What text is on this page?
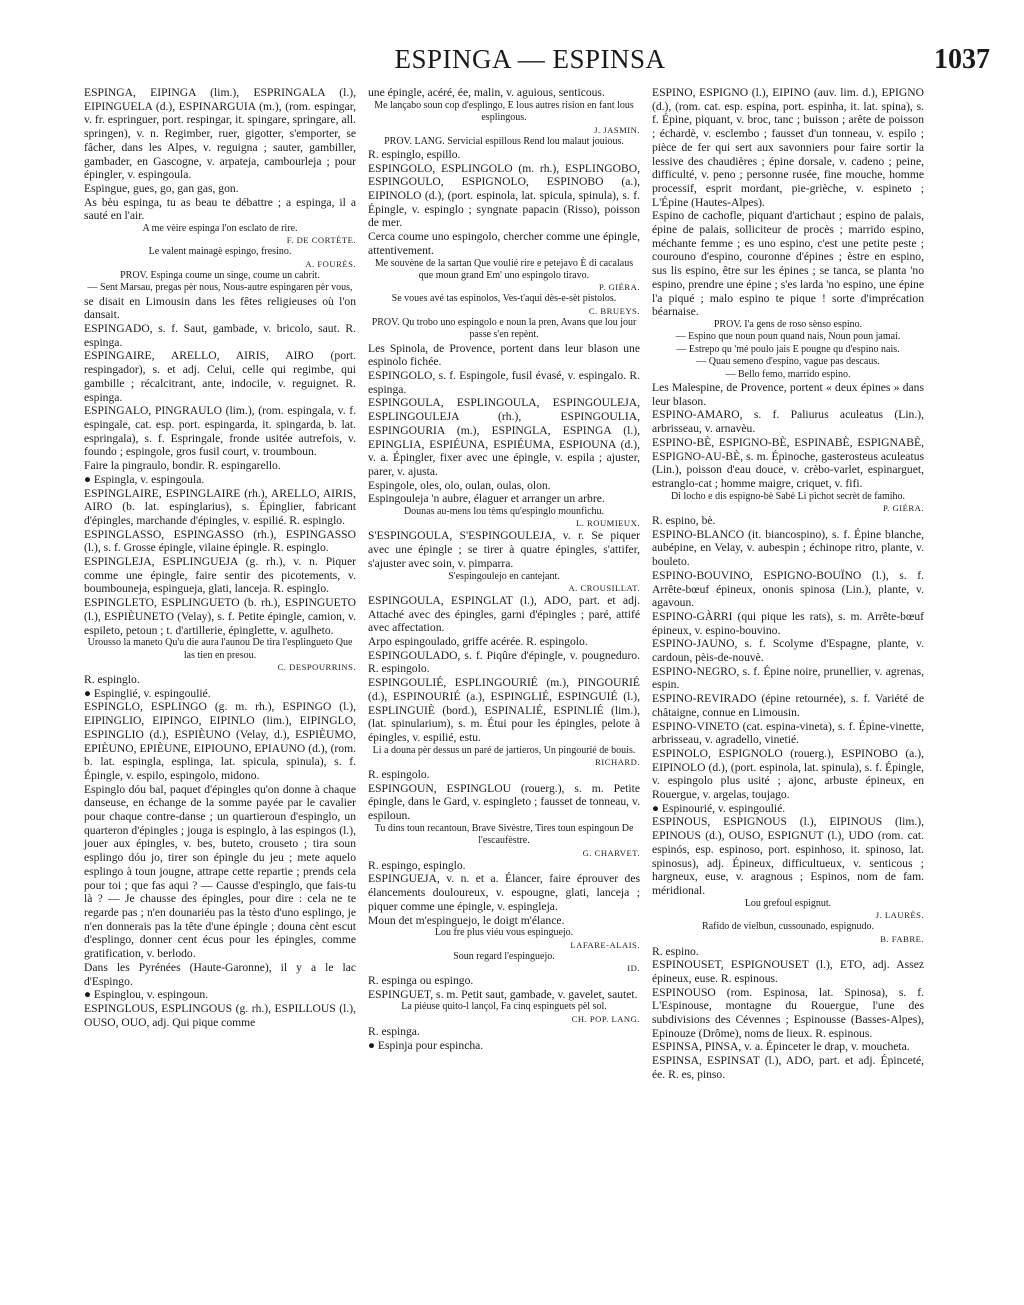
ESPINGA — ESPINSA	1037

ESPINGA, EIPINGA (lim.), ESPRINGALA (l.), EIPINGUELA (d.), ESPINARGUIA (m.), (rom. espingar, v. fr. espringuer, port. respingar, it. spingare, springare, all. springen), v. n. Regimber, ruer, gigotter, s'emporter, se fâcher, dans les Alpes, v. reguigna ; sauter, gambiller, gambader, en Gascogne, v. arpateja, cambourleja ; pour épingler, v. espingoula.

Espingue, gues, go, gan gas, gon.

As bèu espinga, tu as beau te débattre ; a espinga, il a sauté en l'air.

A me vèire espinga l'on esclato de rire.

F. DE CORTÈTE.

Le valent mainagè espingo, fresino.

A. FOURÈS.

PROV. Espinga coume un singe, coume un cabrit.

— Sent Marsau, pregas pèr nous, Nous-autre espingaren pèr vous,

se disait en Limousin dans les fêtes religieuses où l'on dansait.

ESPINGADO, s. f. Saut, gambade, v. bricolo, saut. R. espinga.

ESPINGAIRE, ARELLO, AIRIS, AIRO (port. respingador), s. et adj. Celui, celle qui regimbe, qui gambille ; récalcitrant, ante, indocile, v. reguignet. R. espinga.

ESPINGALO, PINGRAULO (lim.), (rom. espingala, v. f. espingale, cat. esp. port. espingarda, it. spingarda, b. lat. espringala), s. f. Espringale, fronde usitée autrefois, v. foundo ; espingole, gros fusil court, v. troumboun.

Faire la pingraulo, bondir. R. espingarello.

● Espingla, v. espingoula.

ESPINGLAIRE, ESPINGLAIRE (rh.), ARELLO, AIRIS, AIRO (b. lat. espinglarius), s. Épinglier, fabricant d'épingles, marchande d'épingles, v. espilié. R. espinglo.

ESPINGLASSO, ESPINGASSO (rh.), ESPINGASSO (l.), s. f. Grosse épingle, vilaine épingle. R. espinglo.

ESPINGLEJA, ESPLINGUEJA (g. rh.), v. n. Piquer comme une épingle, faire sentir des picotements, v. boumbouneja, espingueja, glati, lanceja. R. espinglo.

ESPINGLETO, ESPLINGUETO (b. rh.), ESPINGUETO (l.), ESPIÈUNETO (Velay), s. f. Petite épingle, camion, v. espileto, petoun ; t. d'artillerie, épinglette, v. agulheto.

Urousso la maneto Qu'u die aura l'aunou De tira l'esplingueto Que las tien en presou.

C. DESPOURRINS.

R. espinglo.

● Espinglié, v. espingoulié.

ESPINGLO, ESPLINGO (g. m. rh.), ESPINGO (l.), EIPINGLIO, EIPINGO, EIPINLO (lim.), EIPINGLO, ESPINGLIO (d.), ESPIÈUNO (Velay, d.), ESPIÈUMO, EPIÈUNO, EPIÈUNE, EIPIOUNO, EPIAUNO (d.), (rom. b. lat. espingla, esplinga, lat. spicula, spinula), s. f. Épingle, v. espilo, espingolo, midono.

Espinglo dóu bal, paquet d'épingles qu'on donne à chaque danseuse, en échange de la somme payée par le cavalier pour chaque contre-danse ; un quartieroun d'espinglo, un quarteron d'épingles ; jouga is espinglo, à las espingos (l.), jouer aux épingles, v. bes, buteto, crouseto ; tira soun esplingo dóu jo, tirer son épingle du jeu ; mete aquelo esplingo à toun jougne, attrape cette repartie ; prends cela pour toi ; que fas aqui ? — Causse d'espinglo, que fais-tu là ? — Je chausse des épingles, pour dire : cela ne te regarde pas ; n'en dounariéu pas la tèsto d'uno esplingo, je n'en donnerais pas la tête d'une épingle ; douna cènt escut d'esplingo, donner cent écus pour les épingles, comme gratification, v. berlodo.

Dans les Pyrénées (Haute-Garonne), il y a le lac d'Espingo.

● Espinglou, v. espingoun.

ESPINGLOUS, ESPLINGOUS (g. rh.), ESPILLOUS (l.), OUSO, OUO, adj. Qui pique comme

une épingle, acéré, ée, malin, v. aguious, senticous.

Me lançabo soun cop d'esplingo, E lous autres rision en fant lous esplingous.

J. JASMIN.

PROV. LANG. Servicial espillous Rend lou malaut jouious.

R. espinglo, espillo.

ESPINGOLO, ESPLINGOLO (m. rh.), ESPLINGOBO, ESPINGOULO, ESPIGNOLO, ESPINOBO (a.), EIPINOLO (d.), (port. espinola, lat. spicula, spinula), s. f. Épingle, v. espinglo ; syngnate papacin (Risso), poisson de mer.

Cerca coume uno espingolo, chercher comme une épingle, attentivement.

Me souvène de la sartan Que voulié rire e petejavo È di cacalaus que moun grand Em' uno espingolo tiravo.

P. GIÉRA.

Se voues avé tas espinolos, Ves-t'aqui dès-e-sèt pistolos.

C. BRUEYS.

PROV. Qu trobo uno espingolo e noun la pren, Avans que lou jour passe s'en repènt.

Les Spinola, de Provence, portent dans leur blason une espinolo fichée.

ESPINGOLO, s. f. Espingole, fusil évasé, v. espingalo. R. espinga.

ESPINGOULA, ESPLINGOULA, ESPINGOULEJA, ESPLINGOULEJA (rh.), ESPINGOULIA, ESPINGOURIA (m.), ESPINGLA, ESPINGA (l.), EPINGLIA, ESPIÉUNA, ESPIÉUMA, ESPIOUNA (d.), v. a. Épingler, fixer avec une épingle, v. espila ; ajuster, parer, v. ajusta.

Espingole, oles, olo, oulan, oulas, olon.

Espingouleja 'n aubre, élaguer et arranger un arbre.

Dounas au-mens lou tèms qu'espinglo mounfichu.

L. ROUMIEUX.

S'ESPINGOULA, S'ESPINGOULEJA, v. r. Se piquer avec une épingle ; se tirer à quatre épingles, s'attifer, s'ajuster avec soin, v. pimparra.

S'espingoulejo en cantejant.

A. CROUSILLAT.

ESPINGOULA, ESPINGLAT (l.), ADO, part. et adj. Attaché avec des épingles, garni d'épingles ; paré, attifé avec affectation.

Arpo espingoulado, griffe acérée. R. espingolo.

ESPINGOULADO, s. f. Piqûre d'épingle, v. pougneduro. R. espingolo.

ESPINGOULIÉ, ESPLINGOURIÉ (m.), PINGOURIÉ (d.), ESPINOURIÉ (a.), ESPINGLIÉ, ESPINGUIÉ (l.), ESPLINGUIÈ (bord.), ESPINALIÉ, ESPINLIÉ (lim.), (lat. spinularium), s. m. Étui pour les épingles, pelote à épingles, v. espilié, estu.

Li a douna pèr dessus un paré de jartieros, Un pingourié de bouis.

RICHARD.

R. espingolo.

ESPINGOUN, ESPINGLOU (rouerg.), s. m. Petite épingle, dans le Gard, v. espingleto ; fausset de tonneau, v. espiloun.

Tu dins toun recantoun, Brave Sivèstre, Tires toun espingoun De l'escaufèstre.

G. CHARVET.

R. espingo, espinglo.

ESPINGUEJA, v. n. et a. Élancer, faire éprouver des élancements douloureux, v. espougne, glati, lanceja ; piquer comme une épingle, v. espingleja.

Moun det m'espinguejo, le doigt m'élance.

Lou fre plus viéu vous espinguejo.

LAFARE-ALAIS.

Soun regard l'espinguejo.

ID.

R. espinga ou espingo.

ESPINGUET, s. m. Petit saut, gambade, v. gavelet, sautet.

La piéuse quito-l lançol, Fa cinq espinguets pèl sol.

CH. POP. LANG.

R. espinga.

● Espinja pour espincha.

ESPINO, ESPIGNO (l.), EIPINO (auv. lim. d.), EPIGNO (d.), (rom. cat. esp. espina, port. espinha, it. lat. spina), s. f. Épine, piquant, v. broc, tanc ; buisson ; arête de poisson ; échardè, v. esclembo ; fausset d'un tonneau, v. espilo ; pièce de fer qui sert aux savonniers pour faire sortir la lessive des chaudières ; épine dorsale, v. cadeno ; peine, difficulté, v. peno ; personne rusée, fine mouche, homme processif, esprit mordant, pie-grièche, v. espineto ; L'Épine (Hautes-Alpes).

Espino de cachofle, piquant d'artichaut ; espino de palais, épine de palais, solliciteur de procès ; marrido espino, méchante femme ; es uno espino, c'est une petite peste ; courouno d'espino, couronne d'épines ; èstre en espino, sus lis espino, être sur les épines ; se tanca, se planta 'no espino, prendre une épine ; s'es larda 'no espino, une épine l'a piqué ; malo espino te pique ! sorte d'imprécation béarnaise.

PROV. I'a gens de roso sènso espino.

— Espino que noun poun quand nais, Noun poun jamai.

— Estrepo qu 'mé poulo jais E pougne qu d'espino nais.

— Quau semeno d'espino, vague pas descaus.

— Bello femo, marrido espino.

Les Malespine, de Provence, portent « deux épines » dans leur blason.

ESPINO-AMARO, s. f. Paliurus aculeatus (Lin.), arbrisseau, v. arnavèu.

ESPINO-BÈ, ESPIGNO-BÈ, ESPINABÈ, ESPIGNABÈ, ESPIGNO-AU-BÈ, s. m. Épinoche, gasterosteus aculeatus (Lin.), poisson d'eau douce, v. crèbo-varlet, espinarguet, estranglo-cat ; homme maigre, criquet, v. fifi.

Di locho e dis espigno-bè Sabè Li pichot secrèt de famiho.

P. GIÉRA.

R. espino, bè.

ESPINO-BLANCO (it. biancospino), s. f. Épine blanche, aubépine, en Velay, v. aubespin ; échinope ritro, plante, v. bouleto.

ESPINO-BOUVINO, ESPIGNO-BOUÏNO (l.), s. f. Arrête-bœuf épineux, ononis spinosa (Lin.), plante, v. agavoun.

ESPINO-GÀRRI (qui pique les rats), s. m. Arrête-bœuf épineux, v. espino-bouvino.

ESPINO-JAUNO, s. f. Scolyme d'Espagne, plante, v. cardoun, pèis-de-nouvè.

ESPINO-NEGRO, s. f. Épine noire, prunellier, v. agrenas, espin.

ESPINO-REVIRADO (épine retournée), s. f. Variété de châtaigne, connue en Limousin.

ESPINO-VINETO (cat. espina-vineta), s. f. Épine-vinette, arbrisseau, v. agradello, vinetié.

ESPINOLO, ESPIGNOLO (rouerg.), ESPINOBO (a.), EIPINOLO (d.), (port. espinola, lat. spinula), s. f. Épingle, v. espingolo plus usité ; ajonc, arbuste épineux, en Rouergue, v. argelas, toujago.

● Espinourié, v. espingoulié.

ESPINOUS, ESPIGNOUS (l.), EIPINOUS (lim.), EPINOUS (d.), OUSO, ESPIGNUT (l.), UDO (rom. cat. espinós, esp. espinoso, port. espinhoso, it. spinoso, lat. spinosus), adj. Épineux, difficultueux, v. senticous ; hargneux, euse, v. aragnous ; Espinos, nom de fam. méridional.

Lou grefoul espignut.

J. LAURÈS.

Rafido de vielbun, cussounado, espignudo.

B. FABRE.

R. espino.

ESPINOUSET, ESPIGNOUSET (l.), ETO, adj. Assez épineux, euse. R. espinous.

ESPINOUSO (rom. Espinosa, lat. Spinosa), s. f. L'Espinouse, montagne du Rouergue, l'une des subdivisions des Cévennes ; Espinousse (Basses-Alpes), Epinouze (Drôme), noms de lieux. R. espinous.

ESPINSA, PINSA, v. a. Épinceter le drap, v. moucheta.

ESPINSA, ESPINSAT (l.), ADO, part. et adj. Épinceté, ée. R. es, pinso.
